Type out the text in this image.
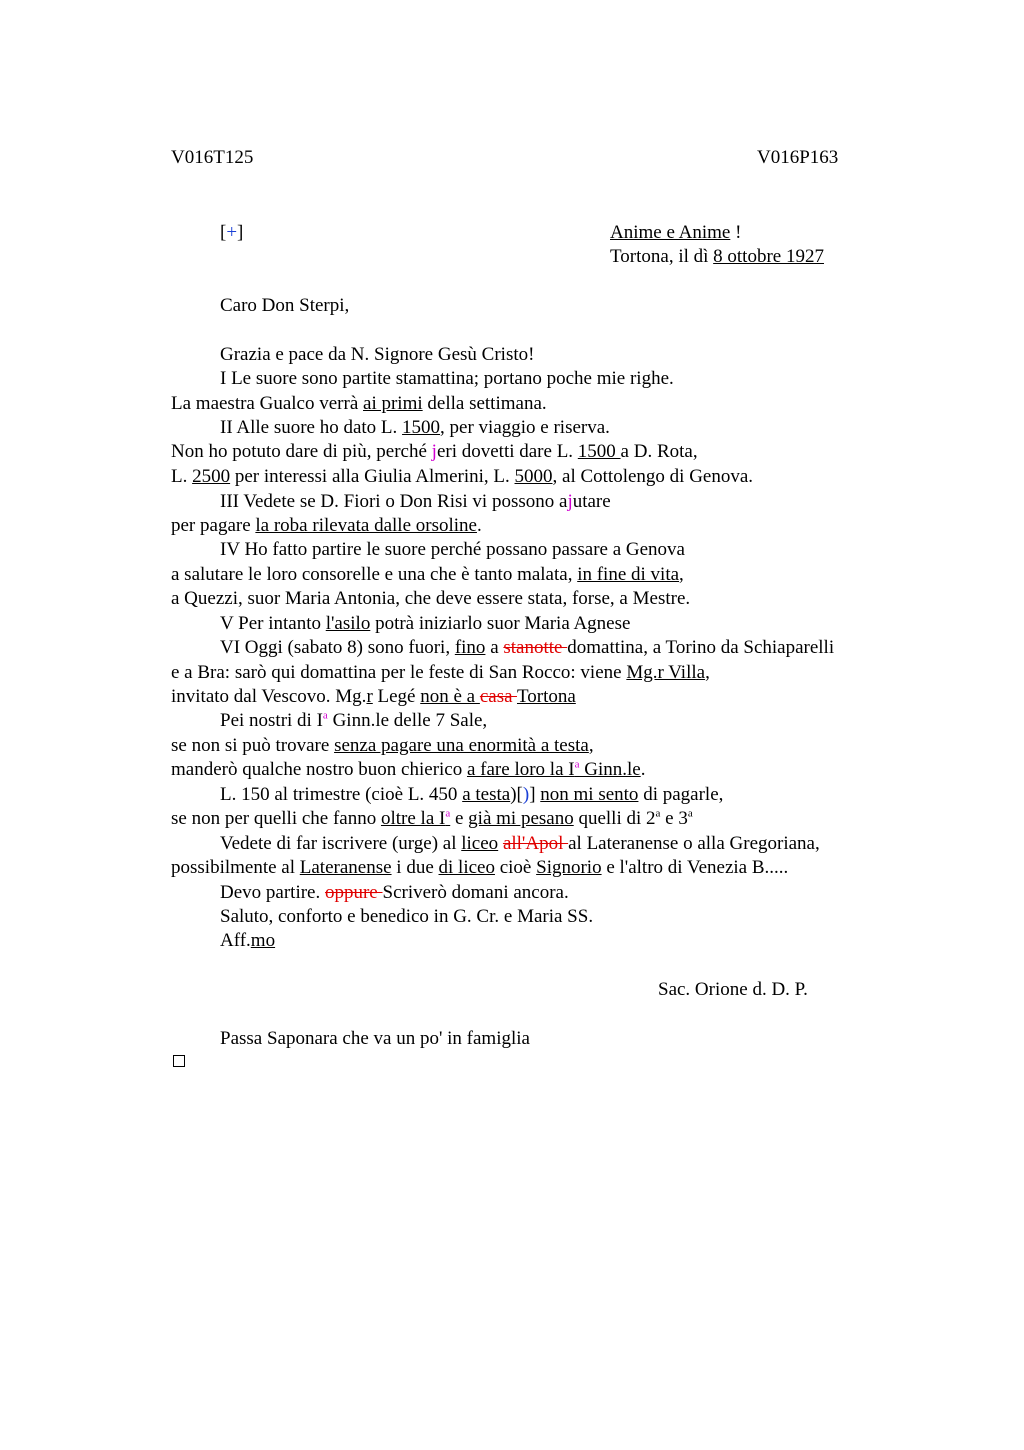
V016T125	V016P163
[+]	Anime e Anime !
Tortona, il dì 8 ottobre 1927
Caro Don Sterpi,
Grazia e pace da N. Signore Gesù Cristo!
I Le suore sono partite stamattina; portano poche mie righe.
La maestra Gualco verrà ai primi della settimana.
II Alle suore ho dato L. 1500, per viaggio e riserva.
Non ho potuto dare di più, perché jeri dovetti dare L. 1500 a D. Rota,
L. 2500 per interessi alla Giulia Almerini, L. 5000, al Cottolengo di Genova.
III Vedete se D. Fiori o Don Risi vi possono ajutare
per pagare la roba rilevata dalle orsoline.
IV Ho fatto partire le suore perché possano passare a Genova
a salutare le loro consorelle e una che è tanto malata, in fine di vita,
a Quezzi, suor Maria Antonia, che deve essere stata, forse, a Mestre.
V Per intanto l'asilo potrà iniziarlo suor Maria Agnese
VI Oggi (sabato 8) sono fuori, fino a stanotte domattina, a Torino da Schiaparelli
e a Bra: sarò qui domattina per le feste di San Rocco: viene Mg.r Villa,
invitato dal Vescovo. Mg.r Legé non è a casa Tortona
Pei nostri di $I^a$ Ginn.le delle 7 Sale,
se non si può trovare senza pagare una enormità a testa,
manderò qualche nostro buon chierico a fare loro la $I^a$ Ginn.le.
L. 150 al trimestre (cioè L. 450 a testa)[)] non mi sento di pagarle,
se non per quelli che fanno oltre la $I^a$ e già mi pesano quelli di 2$^a$ e 3$^a$
Vedete di far iscrivere (urge) al liceo all'Apol al Lateranense o alla Gregoriana,
possibilmente al Lateranense i due di liceo cioè Signorio e l'altro di Venezia B.....
Devo partire. oppure Scriverò domani ancora.
Saluto, conforto e benedico in G. Cr. e Maria SS.
Aff.mo
Sac. Orione d. D. P.
Passa Saponara che va un po' in famiglia
